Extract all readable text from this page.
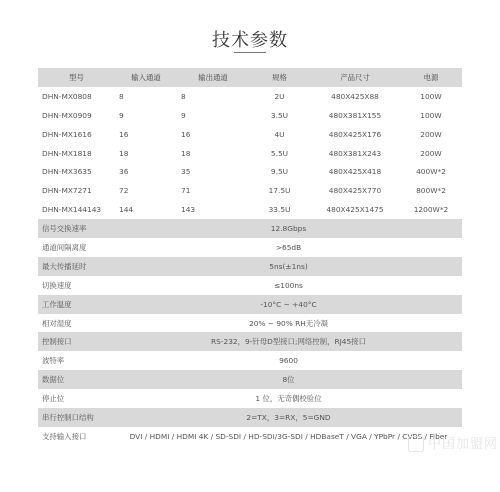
技术参数
型号	输入通道	输出通道	规格	产品尺寸	电源
DHN-MX0808	8	8	2U	480X425X88	100W
DHN-MX0909	9	9	3.5U	480X381X155	100W
DHN-MX1616	16	16	4U	480X425X176	200W
DHN-MX1818	18	18	5.5U	480X381X243	200W
DHN-MX3635	36	35	9.5U	480X425X418	400W*2
DHN-MX7271	72	71	17.5U	480X425X770	800W*2
DHN-MX144143	144	143	33.5U	480X425X1475	1200W*2
信号交换速率	12.8Gbps				
通道间隔离度	>65dB				
最大传播延时	5ns(±1ns)				
切换速度	≤100ns				
工作温度	-10°C ~ +40°C				
相对湿度	20% ~ 90% RH无冷凝				
控制接口	RS-232，9-针母D型接口;网络控制，RJ45接口				
波特率	9600				
数据位	8位				
停止位	1 位，无奇偶校验位				
串行控制口结构	2=TX，3=RX，5=GND				
支持输入接口	DVI / HDMI / HDMI 4K / SD-SDI / HD-SDI/3G-SDI / HDBaseT / VGA / YPbPr / CVBS / Fiber				
中国加盟网
